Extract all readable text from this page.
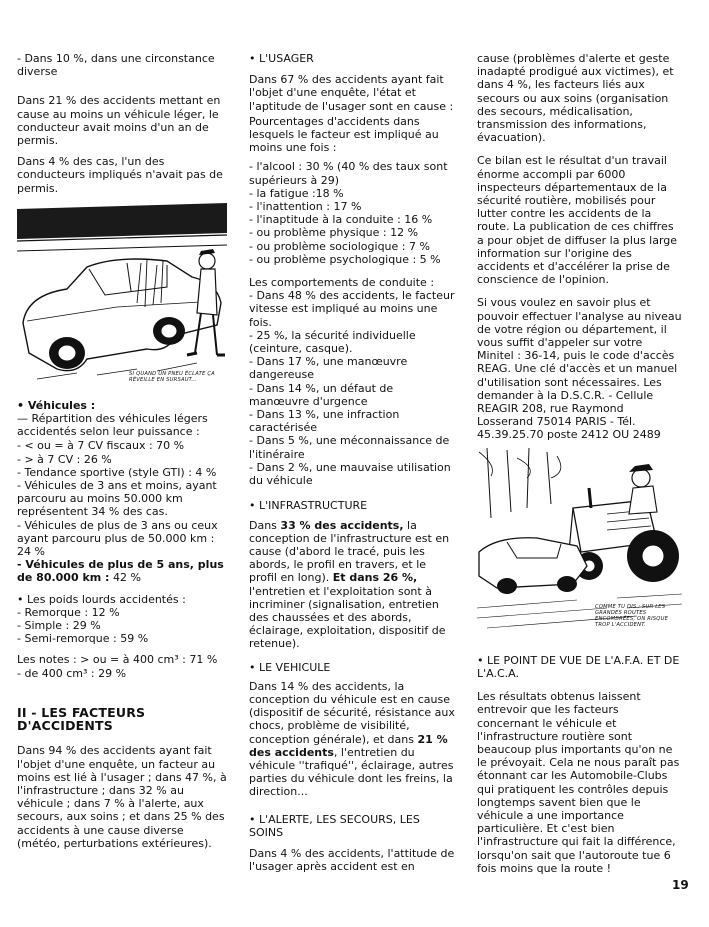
- Dans 10 %, dans une circonstance diverse

Dans 21 % des accidents mettant en cause au moins un véhicule léger, le conducteur avait moins d'un an de permis.

Dans 4 % des cas, l'un des conducteurs impliqués n'avait pas de permis.

SI QUAND UN PNEU ÉCLATE ÇA RÉVEILLE EN SURSAUT...

• Véhicules :

— Répartition des véhicules légers accidentés selon leur puissance :

- < ou = à 7 CV fiscaux : 70 %

- > à 7 CV : 26 %

- Tendance sportive (style GTI) : 4 %

- Véhicules de 3 ans et moins, ayant parcouru au moins 50.000 km représentent 34 % des cas.

- Véhicules de plus de 3 ans ou ceux ayant parcouru plus de 50.000 km : 24 %

- Véhicules de plus de 5 ans, plus de 80.000 km : 42 %

• Les poids lourds accidentés :

- Remorque : 12 %

- Simple : 29 %

- Semi-remorque : 59 %

Les notes : > ou = à 400 cm³ : 71 %

- de 400 cm³ : 29 %

II - LES FACTEURS D'ACCIDENTS

Dans 94 % des accidents ayant fait l'objet d'une enquête, un facteur au moins est lié à l'usager ; dans 47 %, à l'infrastructure ; dans 32 % au véhicule ; dans 7 % à l'alerte, aux secours, aux soins ; et dans 25 % des accidents à une cause diverse (météo, perturbations extérieures).

• L'USAGER

Dans 67 % des accidents ayant fait l'objet d'une enquête, l'état et l'aptitude de l'usager sont en cause :

Pourcentages d'accidents dans lesquels le facteur est impliqué au moins une fois :

- l'alcool : 30 % (40 % des taux sont supérieurs à 29)

- la fatigue :18 %

- l'inattention : 17 %

- l'inaptitude à la conduite : 16 %

- ou problème physique : 12 %

- ou problème sociologique : 7 %

- ou problème psychologique : 5 %

Les comportements de conduite :

- Dans 48 % des accidents, le facteur vitesse est impliqué au moins une fois.

- 25 %, la sécurité individuelle (ceinture, casque).

- Dans 17 %, une manœuvre dangereuse

- Dans 14 %, un défaut de manœuvre d'urgence

- Dans 13 %, une infraction caractérisée

- Dans 5 %, une méconnaissance de l'itinéraire

- Dans 2 %, une mauvaise utilisation du véhicule

• L'INFRASTRUCTURE

Dans 33 % des accidents, la conception de l'infrastructure est en cause (d'abord le tracé, puis les abords, le profil en travers, et le profil en long). Et dans 26 %, l'entretien et l'exploitation sont à incriminer (signalisation, entretien des chaussées et des abords, éclairage, exploitation, dispositif de retenue).

• LE VEHICULE

Dans 14 % des accidents, la conception du véhicule est en cause (dispositif de sécurité, résistance aux chocs, problème de visibilité, conception générale), et dans 21 % des accidents, l'entretien du véhicule ''trafiqué'', éclairage, autres parties du véhicule dont les freins, la direction...

• L'ALERTE, LES SECOURS, LES SOINS

Dans 4 % des accidents, l'attitude de l'usager après accident est en

cause (problèmes d'alerte et geste inadapté prodigué aux victimes), et dans 4 %, les facteurs liés aux secours ou aux soins (organisation des secours, médicalisation, transmission des informations, évacuation).

Ce bilan est le résultat d'un travail énorme accompli par 6000 inspecteurs départementaux de la sécurité routière, mobilisés pour lutter contre les accidents de la route. La publication de ces chiffres a pour objet de diffuser la plus large information sur l'origine des accidents et d'accélérer la prise de conscience de l'opinion.

Si vous voulez en savoir plus et pouvoir effectuer l'analyse au niveau de votre région ou département, il vous suffit d'appeler sur votre Minitel : 36-14, puis le code d'accès REAG. Une clé d'accès et un manuel d'utilisation sont nécessaires. Les demander à la D.S.C.R. - Cellule REAGIR 208, rue Raymond Losserand 75014 PARIS - Tél. 45.39.25.70 poste 2412 OU 2489

COMME TU DIS : SUR LES GRANDES ROUTES ENCOMBRÉES, ON RISQUE TROP L'ACCIDENT.

• LE POINT DE VUE DE L'A.F.A. ET DE L'A.C.A.

Les résultats obtenus laissent entrevoir que les facteurs concernant le véhicule et l'infrastructure routière sont beaucoup plus importants qu'on ne le prévoyait. Cela ne nous paraît pas étonnant car les Automobile-Clubs qui pratiquent les contrôles depuis longtemps savent bien que le véhicule a une importance particulière. Et c'est bien l'infrastructure qui fait la différence, lorsqu'on sait que l'autoroute tue 6 fois moins que la route !

19
